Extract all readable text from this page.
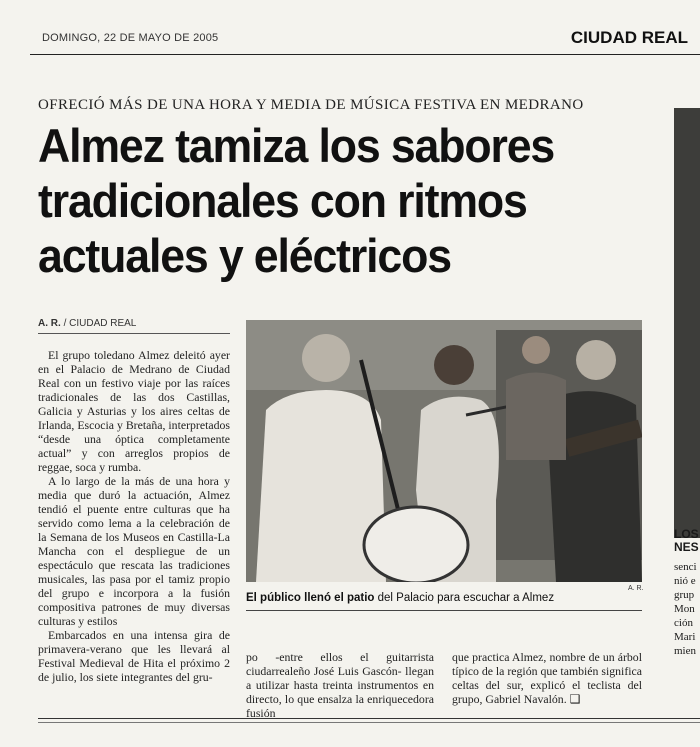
DOMINGO, 22 DE MAYO DE 2005	CIUDAD REAL
OFRECIÓ MÁS DE UNA HORA Y MEDIA DE MÚSICA FESTIVA EN MEDRANO
Almez tamiza los sabores tradicionales con ritmos actuales y eléctricos
A. R. / CIUDAD REAL

El grupo toledano Almez deleitó ayer en el Palacio de Medrano de Ciudad Real con un festivo viaje por las raíces tradicionales de las dos Castillas, Galicia y Asturias y los aires celtas de Irlanda, Escocia y Bretaña, interpretados “desde una óptica completamente actual” y con arreglos propios de reggae, soca y rumba.

A lo largo de la más de una hora y media que duró la actuación, Almez tendió el puente entre culturas que ha servido como lema a la celebración de la Semana de los Museos en Castilla-La Mancha con el despliegue de un espectáculo que rescata las tradiciones musicales, las pasa por el tamiz propio del grupo e incorpora a la fusión compositiva patrones de muy diversas culturas y estilos

Embarcados en una intensa gira de primavera-verano que les llevará al Festival Medieval de Hita el próximo 2 de julio, los siete integrantes del gru-

A. R.
El público llenó el patio del Palacio para escuchar a Almez
po -entre ellos el guitarrista ciudarrealeño José Luis Gascón- llegan a utilizar hasta treinta instrumentos en directo, lo que ensalza la enriquecedora fusión
que practica Almez, nombre de un árbol típico de la región que también significa celtas del sur, explicó el teclista del grupo, Gabriel Navalón. ❑
LOS NES
senci
nió e
grup
Mon
ción
Mari
mien
